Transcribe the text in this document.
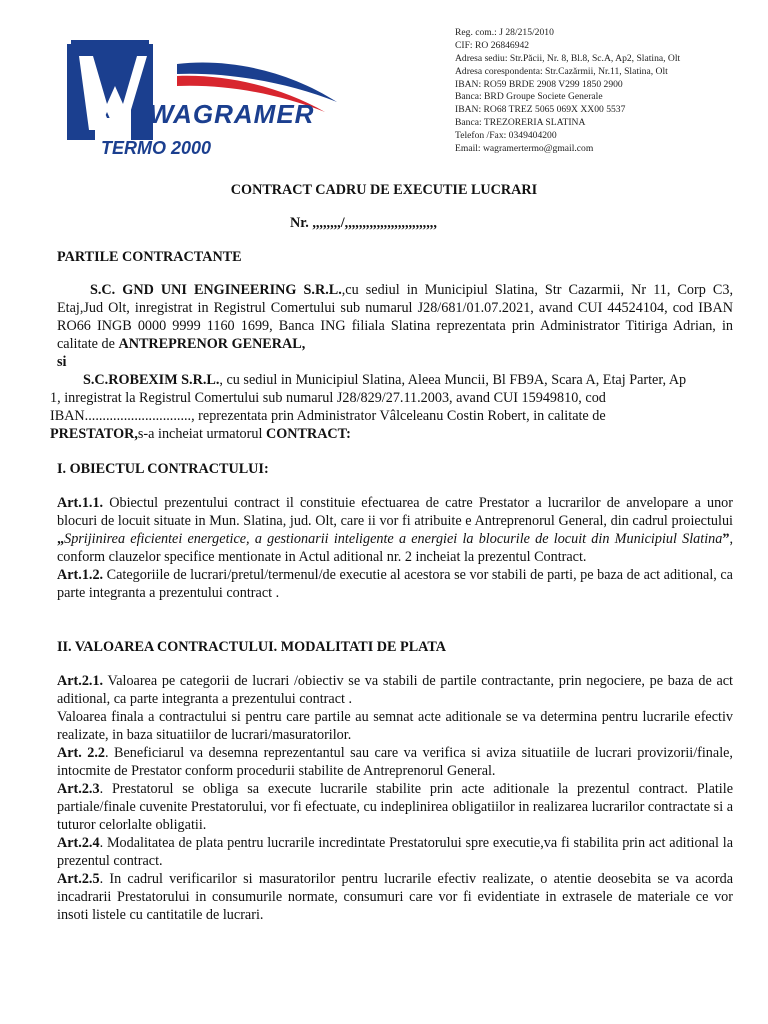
WAGRAMER
TERMO 2000
Reg. com.: J 28/215/2010
CIF: RO 26846942
Adresa sediu: Str.Păcii, Nr. 8, Bl.8, Sc.A, Ap2, Slatina, Olt
Adresa corespondenta: Str.Cazărmii, Nr.11, Slatina, Olt
IBAN: RO59 BRDE 2908 V299 1850 2900
Banca: BRD Groupe Societe Generale
IBAN: RO68 TREZ 5065 069X XX00 5537
Banca: TREZORERIA SLATINA
Telefon /Fax: 0349404200
Email: wagramertermo@gmail.com
CONTRACT CADRU DE EXECUTIE LUCRARI
Nr. ,,,,,,,,/,,,,,,,,,,,,,,,,,,,,,,,,,,
PARTILE CONTRACTANTE

S.C. GND UNI ENGINEERING S.R.L.,cu sediul in Municipiul Slatina, Str Cazarmii, Nr 11, Corp C3, Etaj,Jud Olt, inregistrat in Registrul Comertului sub numarul J28/681/01.07.2021, avand CUI 44524104, cod IBAN RO66 INGB 0000 9999 1160 1699, Banca ING filiala Slatina reprezentata prin Administrator Titiriga Adrian, in calitate de ANTREPRENOR GENERAL,

si

S.C.ROBEXIM S.R.L., cu sediul in Municipiul Slatina, Aleea Muncii, Bl FB9A, Scara A, Etaj Parter, Ap

1, inregistrat la Registrul Comertului sub numarul J28/829/27.11.2003, avand CUI 15949810, cod

IBAN.............................., reprezentata prin Administrator Vâlceleanu Costin Robert, in calitate de

PRESTATOR,s-a incheiat urmatorul CONTRACT:

I. OBIECTUL CONTRACTULUI:

Art.1.1. Obiectul prezentului contract il constituie efectuarea de catre Prestator a lucrarilor de anvelopare a unor blocuri de locuit situate in Mun. Slatina, jud. Olt, care ii vor fi atribuite e Antreprenorul General, din cadrul proiectului „Sprijinirea eficientei energetice, a gestionarii inteligente a energiei la blocurile de locuit din Municipiul Slatina”, conform clauzelor specifice mentionate in Actul aditional nr. 2 incheiat la prezentul Contract.

Art.1.2. Categoriile de lucrari/pretul/termenul/de executie al acestora se vor stabili de parti, pe baza de act aditional, ca parte integranta a prezentului contract .

II. VALOAREA CONTRACTULUI. MODALITATI DE PLATA

Art.2.1. Valoarea pe categorii de lucrari /obiectiv se va stabili de partile contractante, prin negociere, pe baza de act aditional, ca parte integranta a prezentului contract .

Valoarea finala a contractului si pentru care partile au semnat acte aditionale se va determina pentru lucrarile efectiv realizate, in baza situatiilor de lucrari/masuratorilor.

Art. 2.2. Beneficiarul va desemna reprezentantul sau care va verifica si aviza situatiile de lucrari provizorii/finale, intocmite de Prestator conform procedurii stabilite de Antreprenorul General.

Art.2.3. Prestatorul se obliga sa execute lucrarile stabilite prin acte aditionale la prezentul contract. Platile partiale/finale cuvenite Prestatorului, vor fi efectuate, cu indeplinirea obligatiilor in realizarea lucrarilor contractate si a tuturor celorlalte obligatii.

Art.2.4. Modalitatea de plata pentru lucrarile incredintate Prestatorului spre executie,va fi stabilita prin act aditional la prezentul contract.

Art.2.5. In cadrul verificarilor si masuratorilor pentru lucrarile efectiv realizate, o atentie deosebita se va acorda incadrarii Prestatorului in consumurile normate, consumuri care vor fi evidentiate in extrasele de materiale ce vor insoti listele cu cantitatile de lucrari.
